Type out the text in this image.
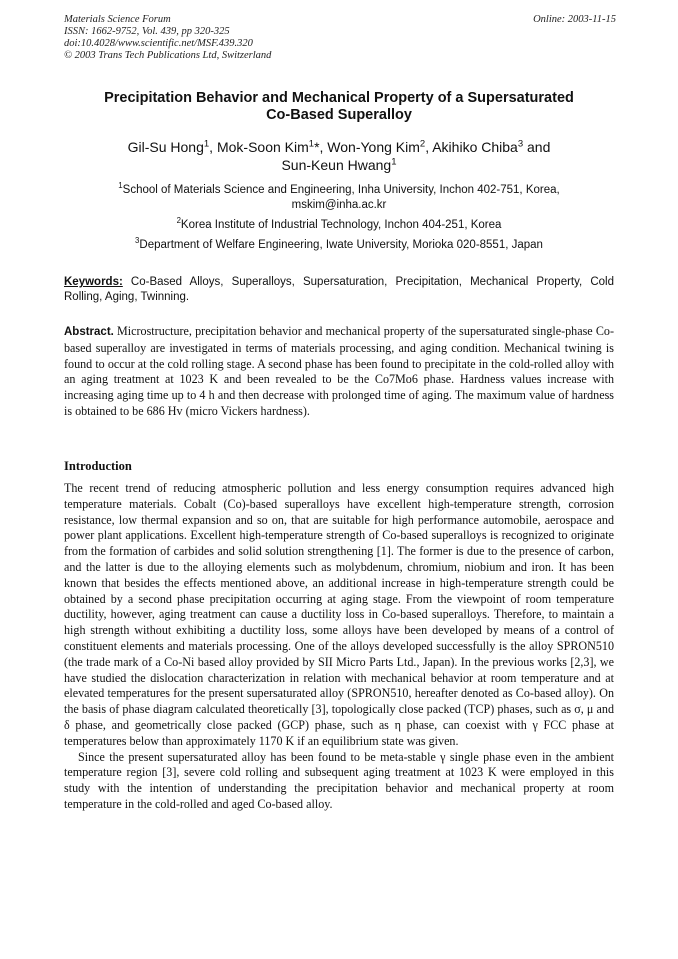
Materials Science Forum
ISSN: 1662-9752, Vol. 439, pp 320-325
doi:10.4028/www.scientific.net/MSF.439.320
© 2003 Trans Tech Publications Ltd, Switzerland
Online: 2003-11-15
Precipitation Behavior and Mechanical Property of a Supersaturated
Co-Based Superalloy
Gil-Su Hong$^1$, Mok-Soon Kim$^1$*, Won-Yong Kim$^2$, Akihiko Chiba$^3$ and
Sun-Keun Hwang$^1$
$^1$School of Materials Science and Engineering, Inha University, Inchon 402-751, Korea,
mskim@inha.ac.kr
$^2$Korea Institute of Industrial Technology, Inchon 404-251, Korea
$^3$Department of Welfare Engineering, Iwate University, Morioka 020-8551, Japan
Keywords: Co-Based Alloys, Superalloys, Supersaturation, Precipitation, Mechanical Property, Cold Rolling, Aging, Twinning.
Abstract. Microstructure, precipitation behavior and mechanical property of the supersaturated single-phase Co-based superalloy are investigated in terms of materials processing, and aging condition. Mechanical twining is found to occur at the cold rolling stage. A second phase has been found to precipitate in the cold-rolled alloy with an aging treatment at 1023 K and been revealed to be the Co7Mo6 phase. Hardness values increase with increasing aging time up to 4 h and then decrease with prolonged time of aging. The maximum value of hardness is obtained to be 686 Hv (micro Vickers hardness).
Introduction

The recent trend of reducing atmospheric pollution and less energy consumption requires advanced high temperature materials. Cobalt (Co)-based superalloys have excellent high-temperature strength, corrosion resistance, low thermal expansion and so on, that are suitable for high performance automobile, aerospace and power plant applications. Excellent high-temperature strength of Co-based superalloys is recognized to originate from the formation of carbides and solid solution strengthening [1]. The former is due to the presence of carbon, and the latter is due to the alloying elements such as molybdenum, chromium, niobium and iron. It has been known that besides the effects mentioned above, an additional increase in high-temperature strength could be obtained by a second phase precipitation occurring at aging stage. From the viewpoint of room temperature ductility, however, aging treatment can cause a ductility loss in Co-based superalloys. Therefore, to maintain a high strength without exhibiting a ductility loss, some alloys have been developed by means of a control of constituent elements and materials processing. One of the alloys developed successfully is the alloy SPRON510 (the trade mark of a Co-Ni based alloy provided by SII Micro Parts Ltd., Japan). In the previous works [2,3], we have studied the dislocation characterization in relation with mechanical behavior at room temperature and at elevated temperatures for the present supersaturated alloy (SPRON510, hereafter denoted as Co-based alloy). On the basis of phase diagram calculated theoretically [3], topologically close packed (TCP) phases, such as σ, μ and δ phase, and geometrically close packed (GCP) phase, such as η phase, can coexist with γ FCC phase at temperatures below than approximately 1170 K if an equilibrium state was given.

Since the present supersaturated alloy has been found to be meta-stable γ single phase even in the ambient temperature region [3], severe cold rolling and subsequent aging treatment at 1023 K were employed in this study with the intention of understanding the precipitation behavior and mechanical property at room temperature in the cold-rolled and aged Co-based alloy.
